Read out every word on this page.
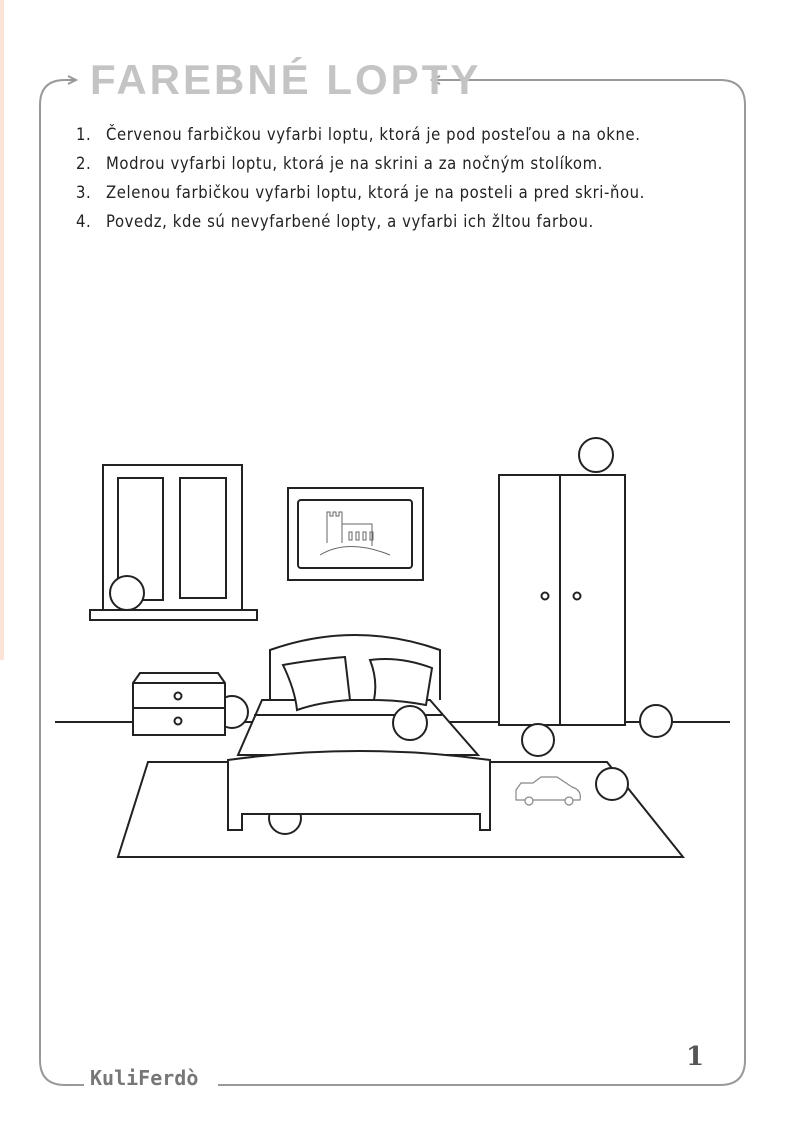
FAREBNÉ LOPTY
1. Červenou farbičkou vyfarbi loptu, ktorá je pod posteľou a na okne.
2. Modrou vyfarbi loptu, ktorá je na skrini a za nočným stolíkom.
3. Zelenou farbičkou vyfarbi loptu, ktorá je na posteli a pred skri-ňou.
4. Povedz, kde sú nevyfarbené lopty, a vyfarbi ich žltou farbou.
KuliFerdò
1
